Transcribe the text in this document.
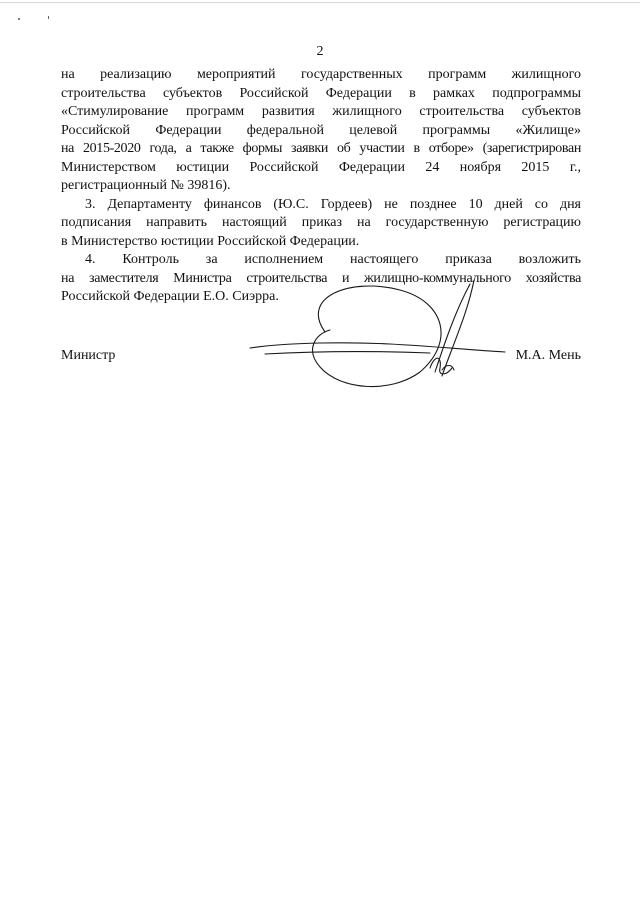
2
на реализацию мероприятий государственных программ жилищного
строительства субъектов Российской Федерации в рамках подпрограммы
«Стимулирование программ развития жилищного строительства субъектов
Российской Федерации федеральной целевой программы «Жилище»
на 2015-2020 года, а также формы заявки об участии в отборе» (зарегистрирован
Министерством юстиции Российской Федерации 24 ноября 2015 г.,
регистрационный № 39816).
3. Департаменту финансов (Ю.С. Гордеев) не позднее 10 дней со дня
подписания направить настоящий приказ на государственную регистрацию
в Министерство юстиции Российской Федерации.
4. Контроль за исполнением настоящего приказа возложить
на заместителя Министра строительства и жилищно-коммунального хозяйства
Российской Федерации Е.О. Сиэрра.
Министр	М.А. Мень
